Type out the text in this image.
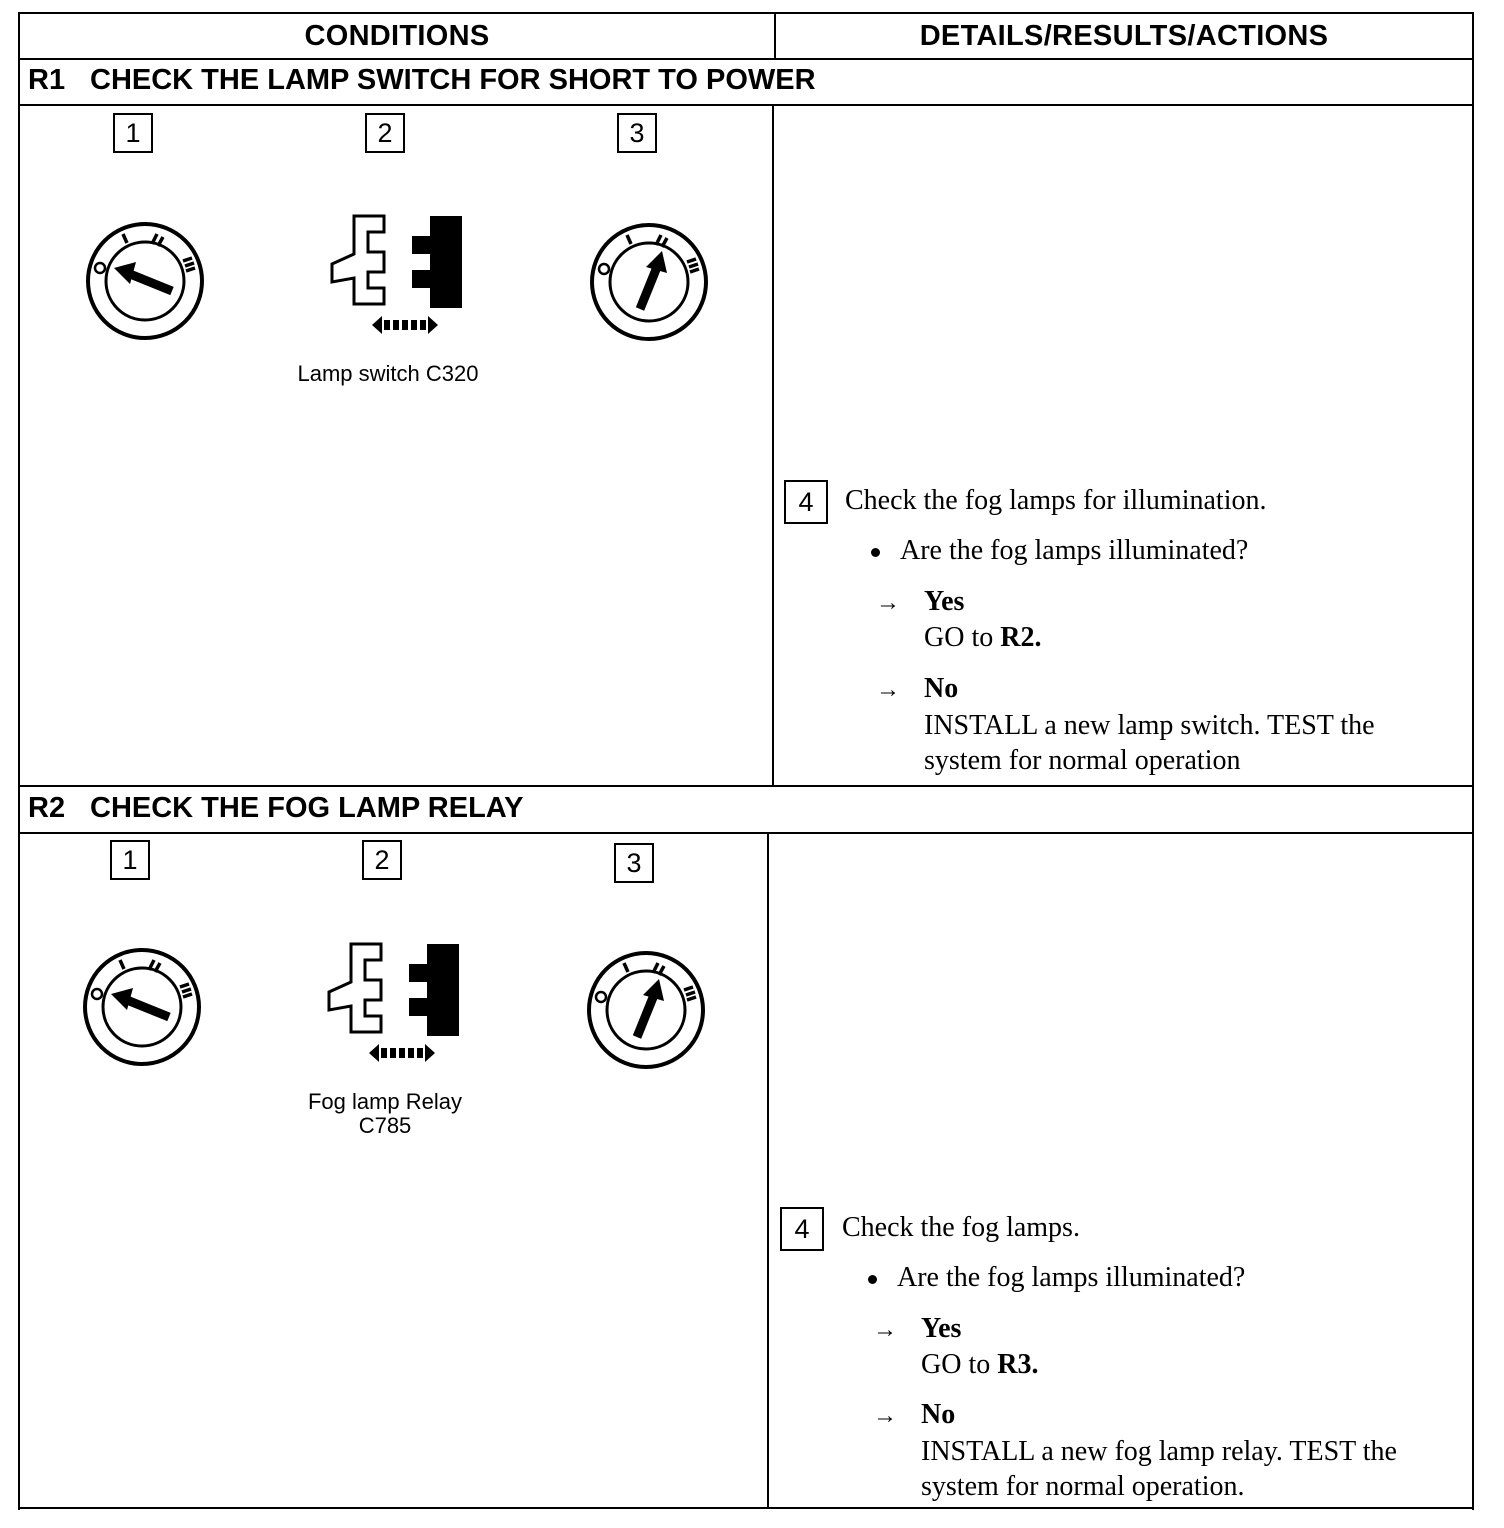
CONDITIONS	DETAILS/RESULTS/ACTIONS
R1 CHECK THE LAMP SWITCH FOR SHORT TO POWER
1	2	3
Lamp switch C320
4	Check the fog lamps for illumination.
Are the fog lamps illuminated?
→ Yes
GO to R2.
→ No
INSTALL a new lamp switch. TEST the
system for normal operation
R2 CHECK THE FOG LAMP RELAY
1	2	3
Fog lamp Relay
C785
4	Check the fog lamps.
Are the fog lamps illuminated?
→ Yes
GO to R3.
→ No
INSTALL a new fog lamp relay. TEST the
system for normal operation.
